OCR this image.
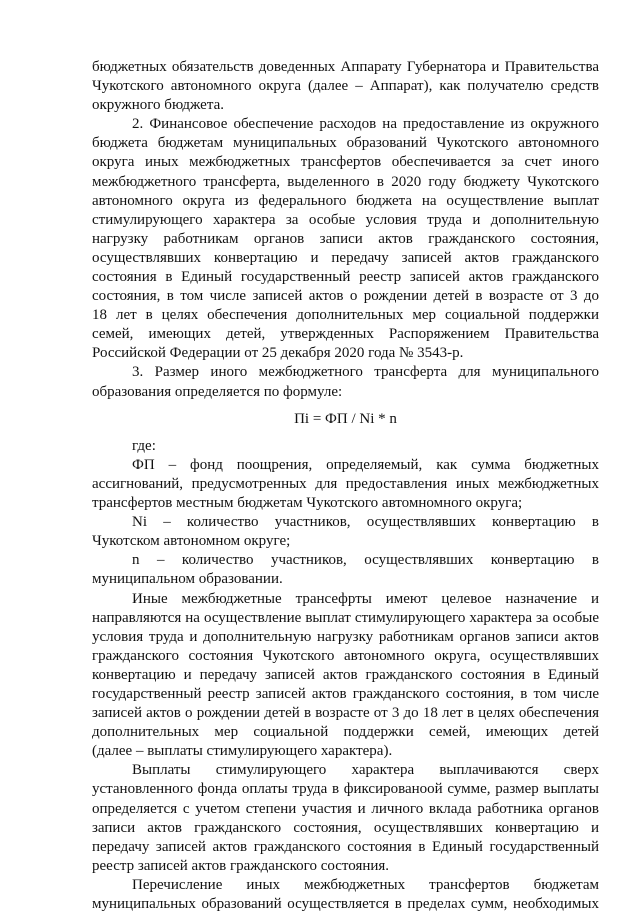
бюджетных обязательств доведенных Аппарату Губернатора и Правительства
Чукотского автономного округа (далее – Аппарат), как получателю средств
окружного бюджета.
2. Финансовое обеспечение расходов на предоставление из окружного
бюджета бюджетам муниципальных образований Чукотского автономного
округа иных межбюджетных трансфертов обеспечивается за счет иного
межбюджетного трансферта, выделенного в 2020 году бюджету Чукотского
автономного округа из федерального бюджета на осуществление выплат
стимулирующего характера за особые условия труда и дополнительную
нагрузку работникам органов записи актов гражданского состояния,
осуществлявших конвертацию и передачу записей актов гражданского
состояния в Единый государственный реестр записей актов гражданского
состояния, в том числе записей актов о рождении детей в возрасте от 3 до
18 лет в целях обеспечения дополнительных мер социальной поддержки
семей, имеющих детей, утвержденных Распоряжением Правительства
Российской Федерации от 25 декабря 2020 года № 3543-р.
3. Размер иного межбюджетного трансферта для муниципального
образования определяется по формуле:
Пi = ФП / Ni * n
где:
ФП – фонд поощрения, определяемый, как сумма бюджетных
ассигнований, предусмотренных для предоставления иных межбюджетных
трансфертов местным бюджетам Чукотского автомномного округа;
Ni – количество участников, осуществлявших конвертацию в
Чукотском автономном округе;
n – количество участников, осуществлявших конвертацию в
муниципальном образовании.
Иные межбюджетные трансефрты имеют целевое назначение и
направляются на осуществление выплат стимулирующего характера за особые
условия труда и дополнительную нагрузку работникам органов записи актов
гражданского состояния Чукотского автономного округа, осуществлявших
конвертацию и передачу записей актов гражданского состояния в Единый
государственный реестр записей актов гражданского состояния, в том числе
записей актов о рождении детей в возрасте от 3 до 18 лет в целях обеспечения
дополнительных мер социальной поддержки семей, имеющих детей
(далее – выплаты стимулирующего характера).
Выплаты стимулирующего характера выплачиваются сверх
установленного фонда оплаты труда в фиксированоой сумме, размер выплаты
определяется с учетом степени участия и личного вклада работника органов
записи актов гражданского состояния, осуществлявших конвертацию и
передачу записей актов гражданского состояния в Единый государственный
реестр записей актов гражданского состояния.
Перечисление иных межбюджетных трансфертов бюджетам
муниципальных образований осуществляется в пределах сумм, необходимых
